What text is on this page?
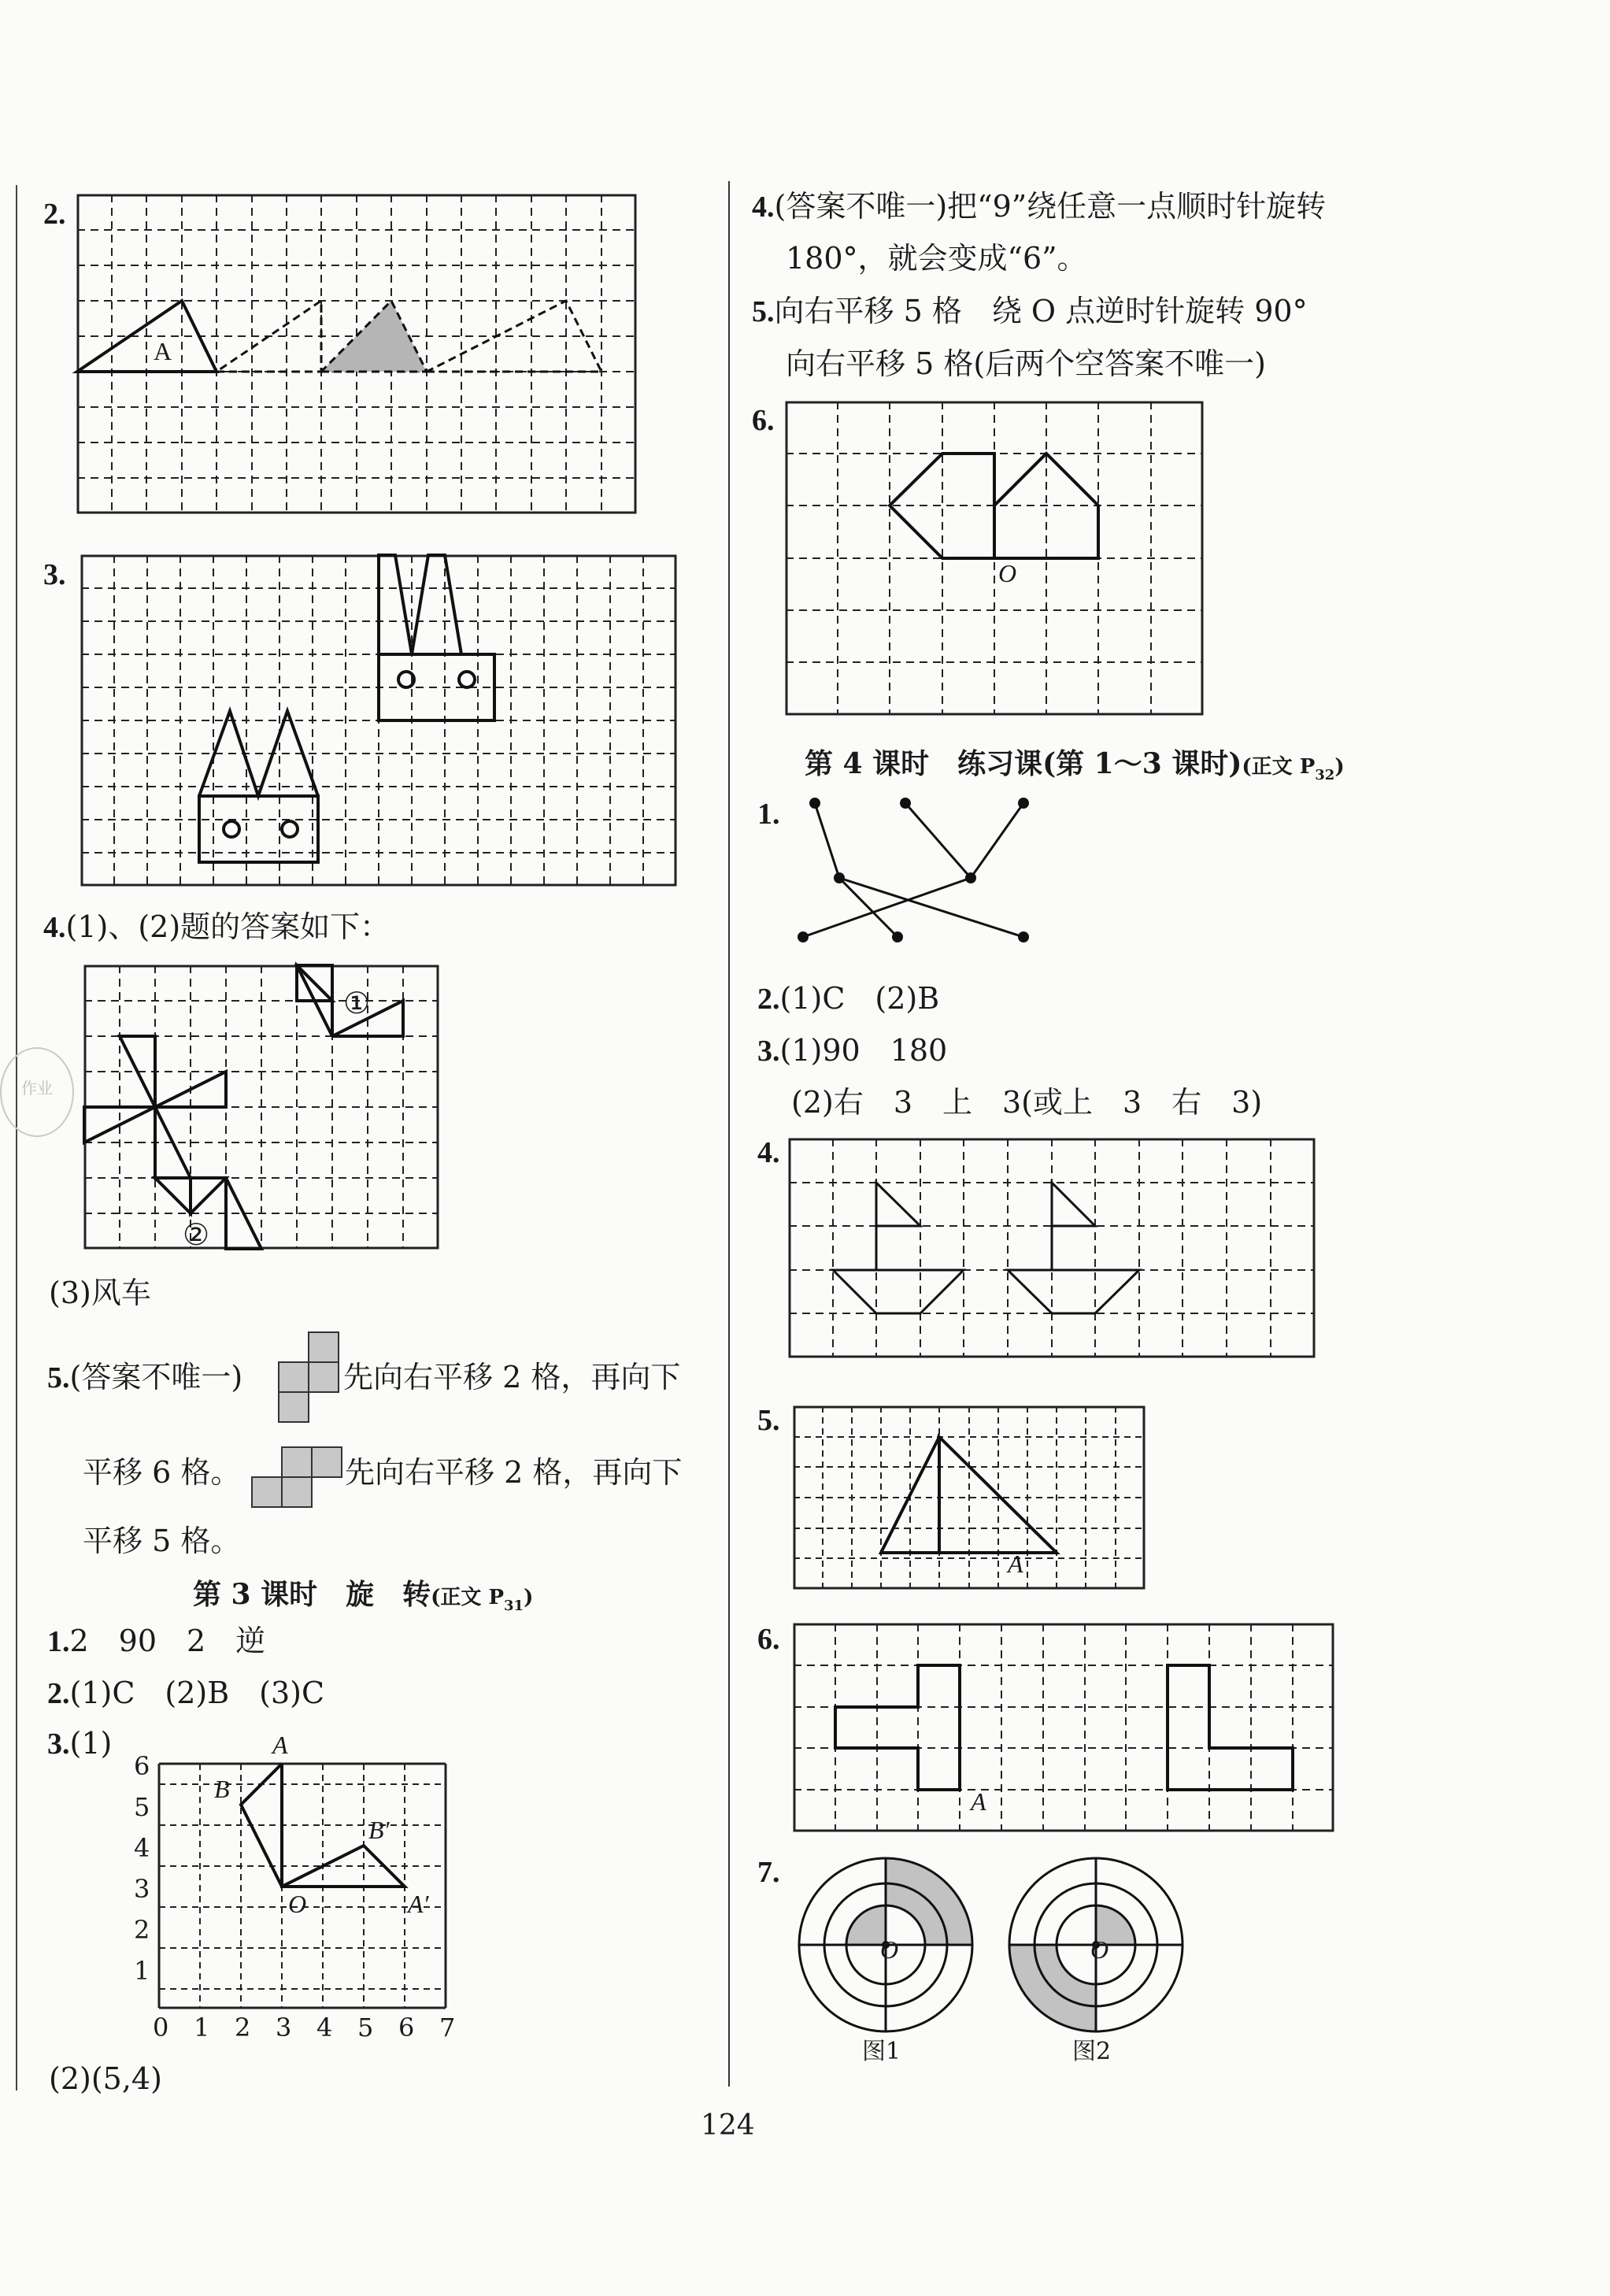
2.
A
3.
4.(1)、(2)题的答案如下：
①
②
(3)风车
5.(答案不唯一)	先向右平移 2 格，再向下
平移 6 格。	先向右平移 2 格，再向下
平移 5 格。
第 3 课时　旋　转(正文 $P_{31}$)
1.2　90　2　逆
2.(1)C　(2)B　(3)C
3.(1)	A
B
O
B′
A′
6
5
4
3
2
1
0 1 2 3 4 5 6 7
(2)(5,4)
作业
4.(答案不唯一)把“9”绕任意一点顺时针旋转
180°，就会变成“6”。
5.向右平移 5 格　绕 O 点逆时针旋转 90°
向右平移 5 格(后两个空答案不唯一)
6.
O
第 4 课时　练习课(第 1～3 课时)(正文 $P_{32}$)
1.
2.(1)C　(2)B
3.(1)90　180
(2)右　3　上　3(或上　3　右　3)
4.
5.
A
6.
A
7.
O	O
图1	图2
124
